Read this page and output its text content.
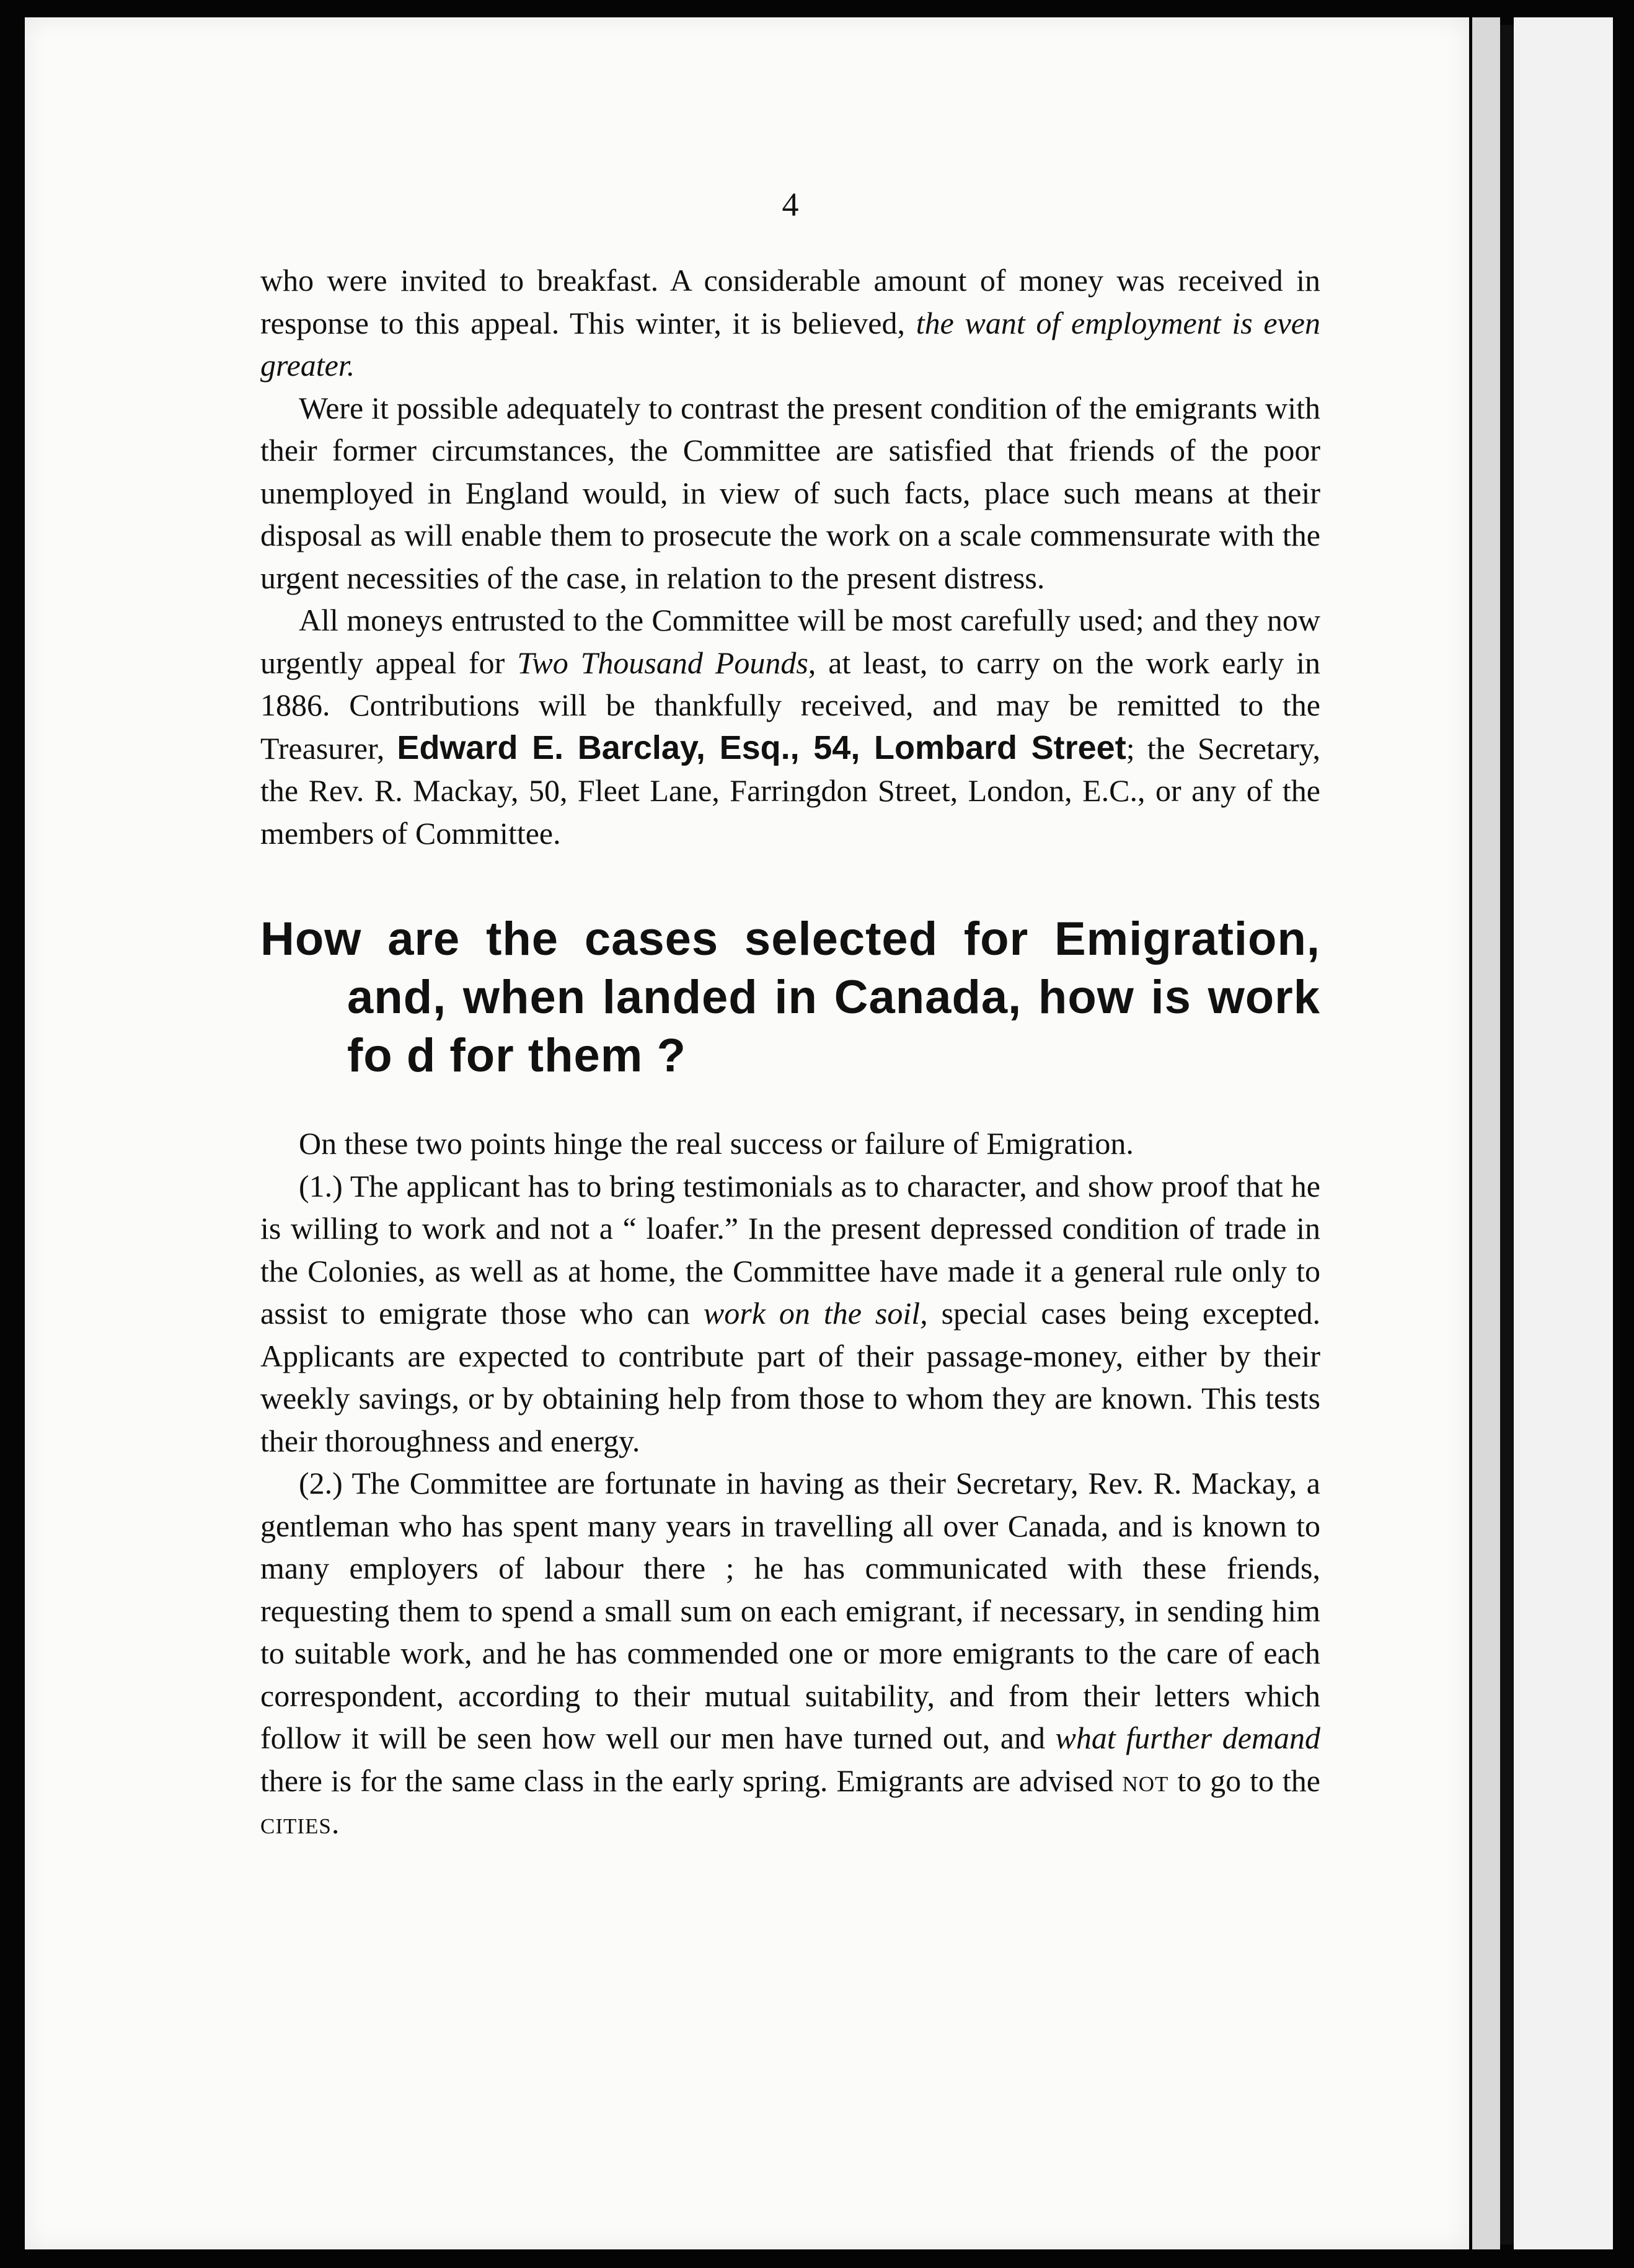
4

who were invited to breakfast. A considerable amount of money was received in response to this appeal. This winter, it is believed, the want of employment is even greater.

Were it possible adequately to contrast the present condition of the emigrants with their former circumstances, the Committee are satisfied that friends of the poor unemployed in England would, in view of such facts, place such means at their disposal as will enable them to prosecute the work on a scale commensurate with the urgent necessities of the case, in relation to the present distress.

All moneys entrusted to the Committee will be most carefully used; and they now urgently appeal for Two Thousand Pounds, at least, to carry on the work early in 1886. Contributions will be thankfully received, and may be remitted to the Treasurer, Edward E. Barclay, Esq., 54, Lombard Street; the Secretary, the Rev. R. Mackay, 50, Fleet Lane, Farringdon Street, London, E.C., or any of the members of Committee.

How are the cases selected for Emigration, and, when landed in Canada, how is work fo d for them ?

On these two points hinge the real success or failure of Emigration.

(1.) The applicant has to bring testimonials as to character, and show proof that he is willing to work and not a “ loafer.” In the present depressed condition of trade in the Colonies, as well as at home, the Committee have made it a general rule only to assist to emigrate those who can work on the soil, special cases being excepted. Applicants are expected to contribute part of their passage-money, either by their weekly savings, or by obtaining help from those to whom they are known. This tests their thoroughness and energy.

(2.) The Committee are fortunate in having as their Secretary, Rev. R. Mackay, a gentleman who has spent many years in travelling all over Canada, and is known to many employers of labour there ; he has communicated with these friends, requesting them to spend a small sum on each emigrant, if necessary, in sending him to suitable work, and he has commended one or more emigrants to the care of each correspondent, according to their mutual suitability, and from their letters which follow it will be seen how well our men have turned out, and what further demand there is for the same class in the early spring. Emigrants are advised not to go to the cities.
